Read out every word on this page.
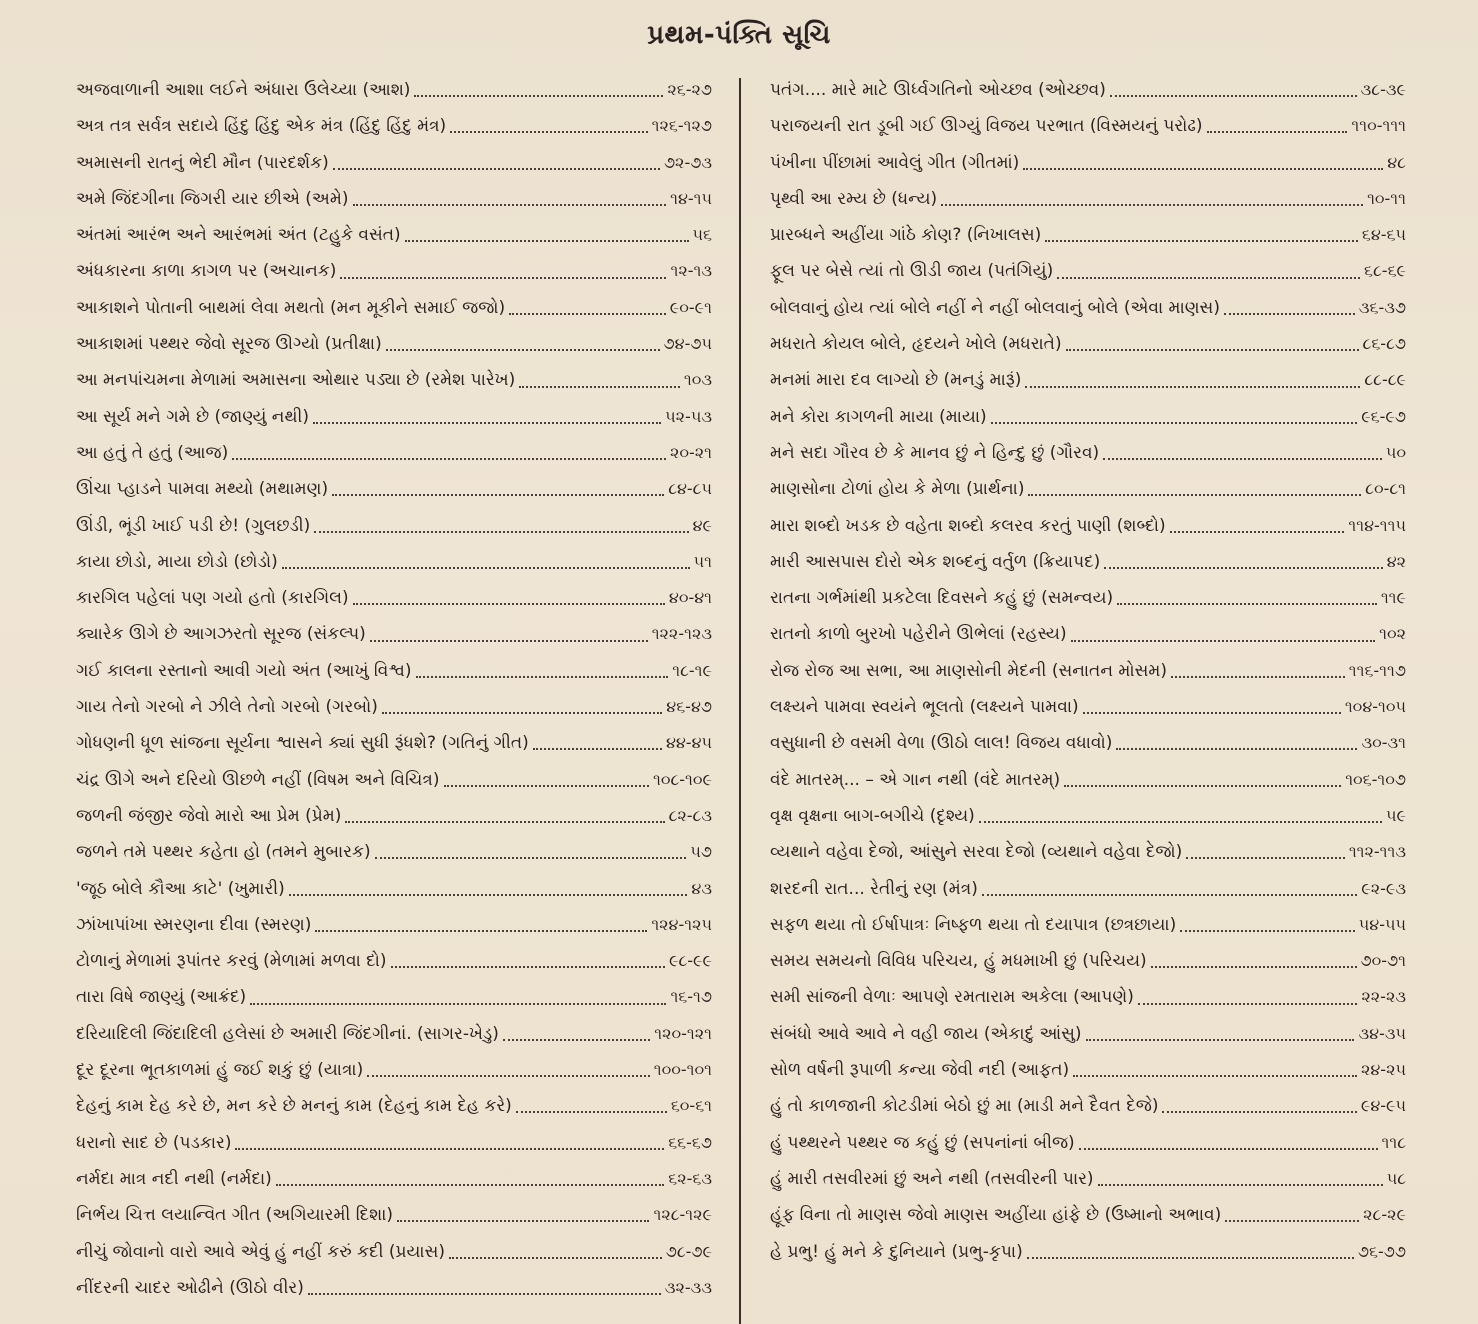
પ્રથમ-પંક્તિ સૂચિ
અજવાળાની આશા લઈને અંધારા ઉલેચ્યા (આશ)	૨૬-૨૭
અત્ર તત્ર સર્વત્ર સદાયે હિંદુ હિંદુ એક મંત્ર (હિંદુ હિંદુ મંત્ર)	૧૨૬-૧૨૭
અમાસની રાતનું ભેદી મૌન (પારદર્શક)	૭૨-૭૩
અમે જિંદગીના જિગરી યાર છીએ (અમે)	૧૪-૧૫
અંતમાં આરંભ અને આરંભમાં અંત (ટહુકે વસંત)	૫૬
અંધકારના કાળા કાગળ પર (અચાનક)	૧૨-૧૩
આકાશને પોતાની બાથમાં લેવા મથતો (મન મૂકીને સમાઈ જજો)	૯૦-૯૧
આકાશમાં પથ્થર જેવો સૂરજ ઊગ્યો (પ્રતીક્ષા)	૭૪-૭૫
આ મનપાંચમના મેળામાં અમાસના ઓથાર પડ્યા છે (રમેશ પારેખ)	૧૦૩
આ સૂર્ય મને ગમે છે (જાણ્યું નથી)	૫૨-૫૩
આ હતું તે હતું (આજ)	૨૦-૨૧
ઊંચા પ્હાડને પામવા મથ્યો (મથામણ)	૮૪-૮૫
ઊંડી, ભૂંડી ખાઈ પડી છે! (ગુલછડી)	૪૯
કાયા છોડો, માયા છોડો (છોડો)	૫૧
કારગિલ પહેલાં પણ ગયો હતો (કારગિલ)	૪૦-૪૧
ક્યારેક ઊગે છે આગઝરતો સૂરજ (સંકલ્પ)	૧૨૨-૧૨૩
ગઈ કાલના રસ્તાનો આવી ગયો અંત (આખું વિશ્વ)	૧૮-૧૯
ગાય તેનો ગરબો ને ઝીલે તેનો ગરબો (ગરબો)	૪૬-૪૭
ગોધણની ધૂળ સાંજના સૂર્યના શ્વાસને ક્યાં સુધી રૂંધશે? (ગતિનું ગીત)	૪૪-૪૫
ચંદ્ર ઊગે અને દરિયો ઊછળે નહીં (વિષમ અને વિચિત્ર)	૧૦૮-૧૦૯
જળની જંજીર જેવો મારો આ પ્રેમ (પ્રેમ)	૮૨-૮૩
જળને તમે પથ્થર કહેતા હો (તમને મુબારક)	૫૭
'જૂઠ બોલે કૌઆ કાટે' (ખુમારી)	૪૩
ઝાંખાપાંખા સ્મરણના દીવા (સ્મરણ)	૧૨૪-૧૨૫
ટોળાનું મેળામાં રૂપાંતર કરવું (મેળામાં મળવા દો)	૯૮-૯૯
તારા વિષે જાણ્યું (આક્રંદ)	૧૬-૧૭
દરિયાદિલી જિંદાદિલી હલેસાં છે અમારી જિંદગીનાં. (સાગર-ખેડુ)	૧૨૦-૧૨૧
દૂર દૂરના ભૂતકાળમાં હું જઈ શકું છું (યાત્રા)	૧૦૦-૧૦૧
દેહનું કામ દેહ કરે છે, મન કરે છે મનનું કામ (દેહનું કામ દેહ કરે)	૬૦-૬૧
ધરાનો સાદ છે (પડકાર)	૬૬-૬૭
નર્મદા માત્ર નદી નથી (નર્મદા)	૬૨-૬૩
નિર્ભય ચિત્ત લયાન્વિત ગીત (અગિયારમી દિશા)	૧૨૮-૧૨૯
નીચું જોવાનો વારો આવે એવું હું નહીં કરું કદી (પ્રયાસ)	૭૮-૭૯
નીંદરની ચાદર ઓઢીને (ઊઠો વીર)	૩૨-૩૩
પતંગ.... મારે માટે ઊર્ધ્વગતિનો ઓચ્છવ (ઓચ્છવ)	૩૮-૩૯
પરાજયની રાત ડૂબી ગઈ ઊગ્યું વિજય પરભાત (વિસ્મયનું પરોઢ)	૧૧૦-૧૧૧
પંખીના પીંછામાં આવેલું ગીત (ગીતમાં)	૪૮
પૃથ્વી આ રમ્ય છે (ધન્ય)	૧૦-૧૧
પ્રારબ્ધને અહીંયા ગાંઠે કોણ? (નિખાલસ)	૬૪-૬૫
ફૂલ પર બેસે ત્યાં તો ઊડી જાય (પતંગિયું)	૬૮-૬૯
બોલવાનું હોય ત્યાં બોલે નહીં ને નહીં બોલવાનું બોલે (એવા માણસ)	૩૬-૩૭
મધરાતે કોયલ બોલે, હૃદયને ખોલે (મધરાતે)	૮૬-૮૭
મનમાં મારા દવ લાગ્યો છે (મનડું મારૂં)	૮૮-૮૯
મને કોરા કાગળની માયા (માયા)	૯૬-૯૭
મને સદા ગૌરવ છે કે માનવ છું ને હિન્દુ છું (ગૌરવ)	૫૦
માણસોના ટોળાં હોય કે મેળા (પ્રાર્થના)	૮૦-૮૧
મારા શબ્દો ખડક છે વહેતા શબ્દો કલરવ કરતું પાણી (શબ્દો)	૧૧૪-૧૧૫
મારી આસપાસ દોરો એક શબ્દનું વર્તુળ (ક્રિયાપદ)	૪૨
રાતના ગર્ભમાંથી પ્રકટેલા દિવસને કહું છું (સમન્વય)	૧૧૯
રાતનો કાળો બુરખો પહેરીને ઊભેલાં (રહસ્ય)	૧૦૨
રોજ રોજ આ સભા, આ માણસોની મેદની (સનાતન મોસમ)	૧૧૬-૧૧૭
લક્ષ્યને પામવા સ્વયંને ભૂલતો (લક્ષ્યને પામવા)	૧૦૪-૧૦૫
વસુધાની છે વસમી વેળા (ઊઠો લાલ! વિજય વધાવો)	૩૦-૩૧
વંદે માતરમ્... – એ ગાન નથી (વંદે માતરમ્)	૧૦૬-૧૦૭
વૃક્ષ વૃક્ષના બાગ-બગીચે (દૃશ્ય)	૫૯
વ્યથાને વહેવા દેજો, આંસુને સરવા દેજો (વ્યથાને વહેવા દેજો)	૧૧૨-૧૧૩
શરદની રાત... રેતીનું રણ (મંત્ર)	૯૨-૯૩
સફળ થયા તો ઈર્ષાપાત્રઃ નિષ્ફળ થયા તો દયાપાત્ર (છત્રછાયા)	૫૪-૫૫
સમય સમયનો વિવિધ પરિચય, હું મધમાખી છું (પરિચય)	૭૦-૭૧
સમી સાંજની વેળાઃ આપણે રમતારામ અકેલા (આપણે)	૨૨-૨૩
સંબંધો આવે આવે ને વહી જાય (એકાદું આંસુ)	૩૪-૩૫
સોળ વર્ષની રૂપાળી કન્યા જેવી નદી (આફત)	૨૪-૨૫
હું તો કાળજાની કોટડીમાં બેઠો છું મા (માડી મને દૈવત દેજે)	૯૪-૯૫
હું પથ્થરને પથ્થર જ કહું છું (સપનાંનાં બીજ)	૧૧૮
હું મારી તસવીરમાં છું અને નથી (તસવીરની પાર)	૫૮
હૂંફ વિના તો માણસ જેવો માણસ અહીંયા હાંફે છે (ઉષ્માનો અભાવ)	૨૮-૨૯
હે પ્રભુ! હું મને કે દુનિયાને (પ્રભુ-કૃપા)	૭૬-૭૭
